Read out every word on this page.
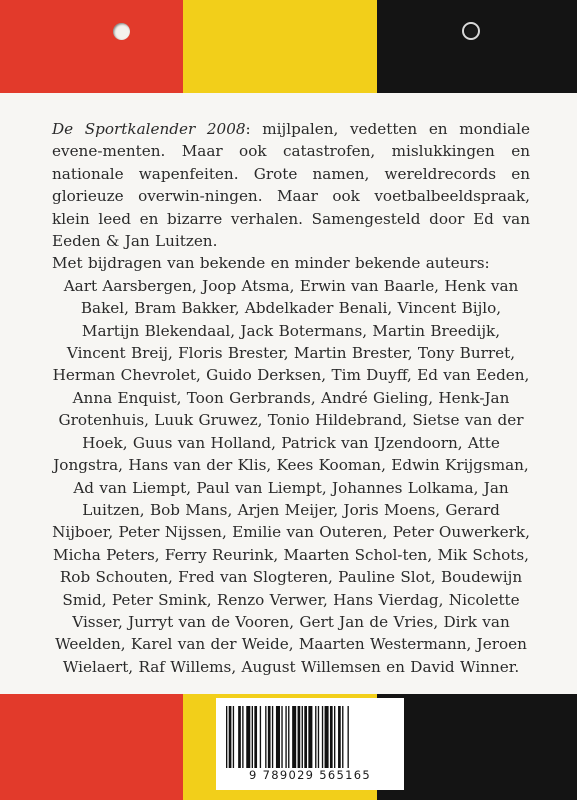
De Sportkalender 2008: mijlpalen, vedetten en mondiale evene-menten. Maar ook catastrofen, mislukkingen en nationale wapenfeiten. Grote namen, wereldrecords en glorieuze overwin-ningen. Maar ook voetbalbeeldspraak, klein leed en bizarre verhalen. Samengesteld door Ed van Eeden & Jan Luitzen.

Met bijdragen van bekende en minder bekende auteurs:

Aart Aarsbergen, Joop Atsma, Erwin van Baarle, Henk van Bakel, Bram Bakker, Abdelkader Benali, Vincent Bijlo, Martijn Blekendaal, Jack Botermans, Martin Breedijk, Vincent Breij, Floris Brester, Martin Brester, Tony Burret, Herman Chevrolet, Guido Derksen, Tim Duyff, Ed van Eeden, Anna Enquist, Toon Gerbrands, André Gieling, Henk-Jan Grotenhuis, Luuk Gruwez, Tonio Hildebrand, Sietse van der Hoek, Guus van Holland, Patrick van IJzendoorn, Atte Jongstra, Hans van der Klis, Kees Kooman, Edwin Krijgsman, Ad van Liempt, Paul van Liempt, Johannes Lolkama, Jan Luitzen, Bob Mans, Arjen Meijer, Joris Moens, Gerard Nijboer, Peter Nijssen, Emilie van Outeren, Peter Ouwerkerk, Micha Peters, Ferry Reurink, Maarten Schol-ten, Mik Schots, Rob Schouten, Fred van Slogteren, Pauline Slot, Boudewijn Smid, Peter Smink, Renzo Verwer, Hans Vierdag, Nicolette Visser, Jurryt van de Vooren, Gert Jan de Vries, Dirk van Weelden, Karel van der Weide, Maarten Westermann, Jeroen Wielaert, Raf Willems, August Willemsen en David Winner.

9 789029 565165
